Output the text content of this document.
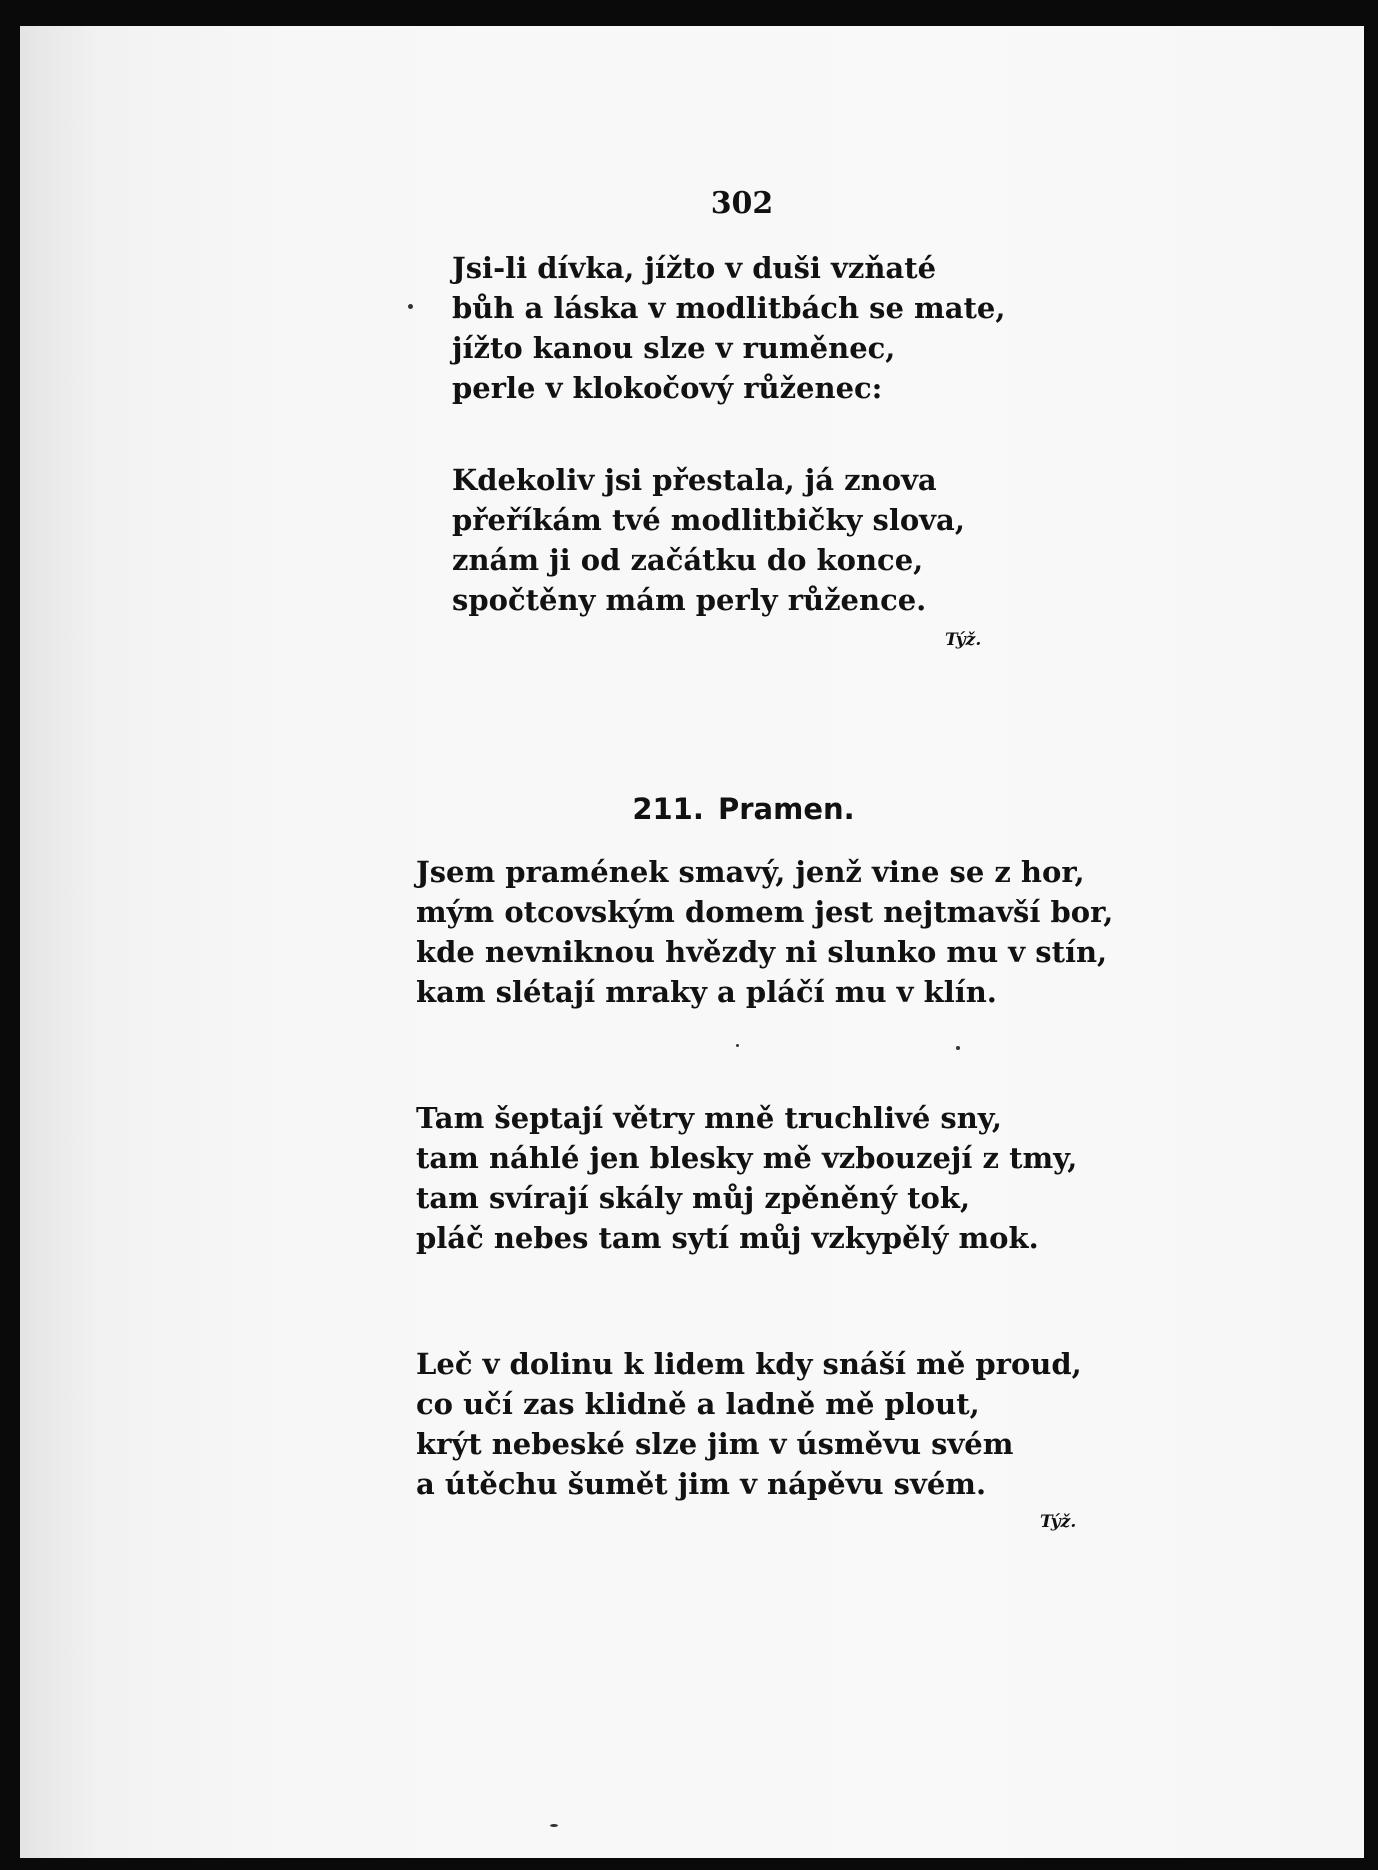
302
Jsi-li dívka, jížto v duši vzňaté
bůh a láska v modlitbách se mate,
jížto kanou slze v ruměnec,
perle v klokočový růženec:
Kdekoliv jsi přestala, já znova
přeříkám tvé modlitbičky slova,
znám ji od začátku do konce,
spočtěny mám perly růžence.
Týž.
211. Pramen.
Jsem pramének smavý, jenž vine se z hor,
mým otcovským domem jest nejtmavší bor,
kde nevniknou hvězdy ni slunko mu v stín,
kam slétají mraky a pláčí mu v klín.
Tam šeptají větry mně truchlivé sny,
tam náhlé jen blesky mě vzbouzejí z tmy,
tam svírají skály můj zpěněný tok,
pláč nebes tam sytí můj vzkypělý mok.
Leč v dolinu k lidem kdy snáší mě proud,
co učí zas klidně a ladně mě plout,
krýt nebeské slze jim v úsměvu svém
a útěchu šumět jim v nápěvu svém.
Týž.
